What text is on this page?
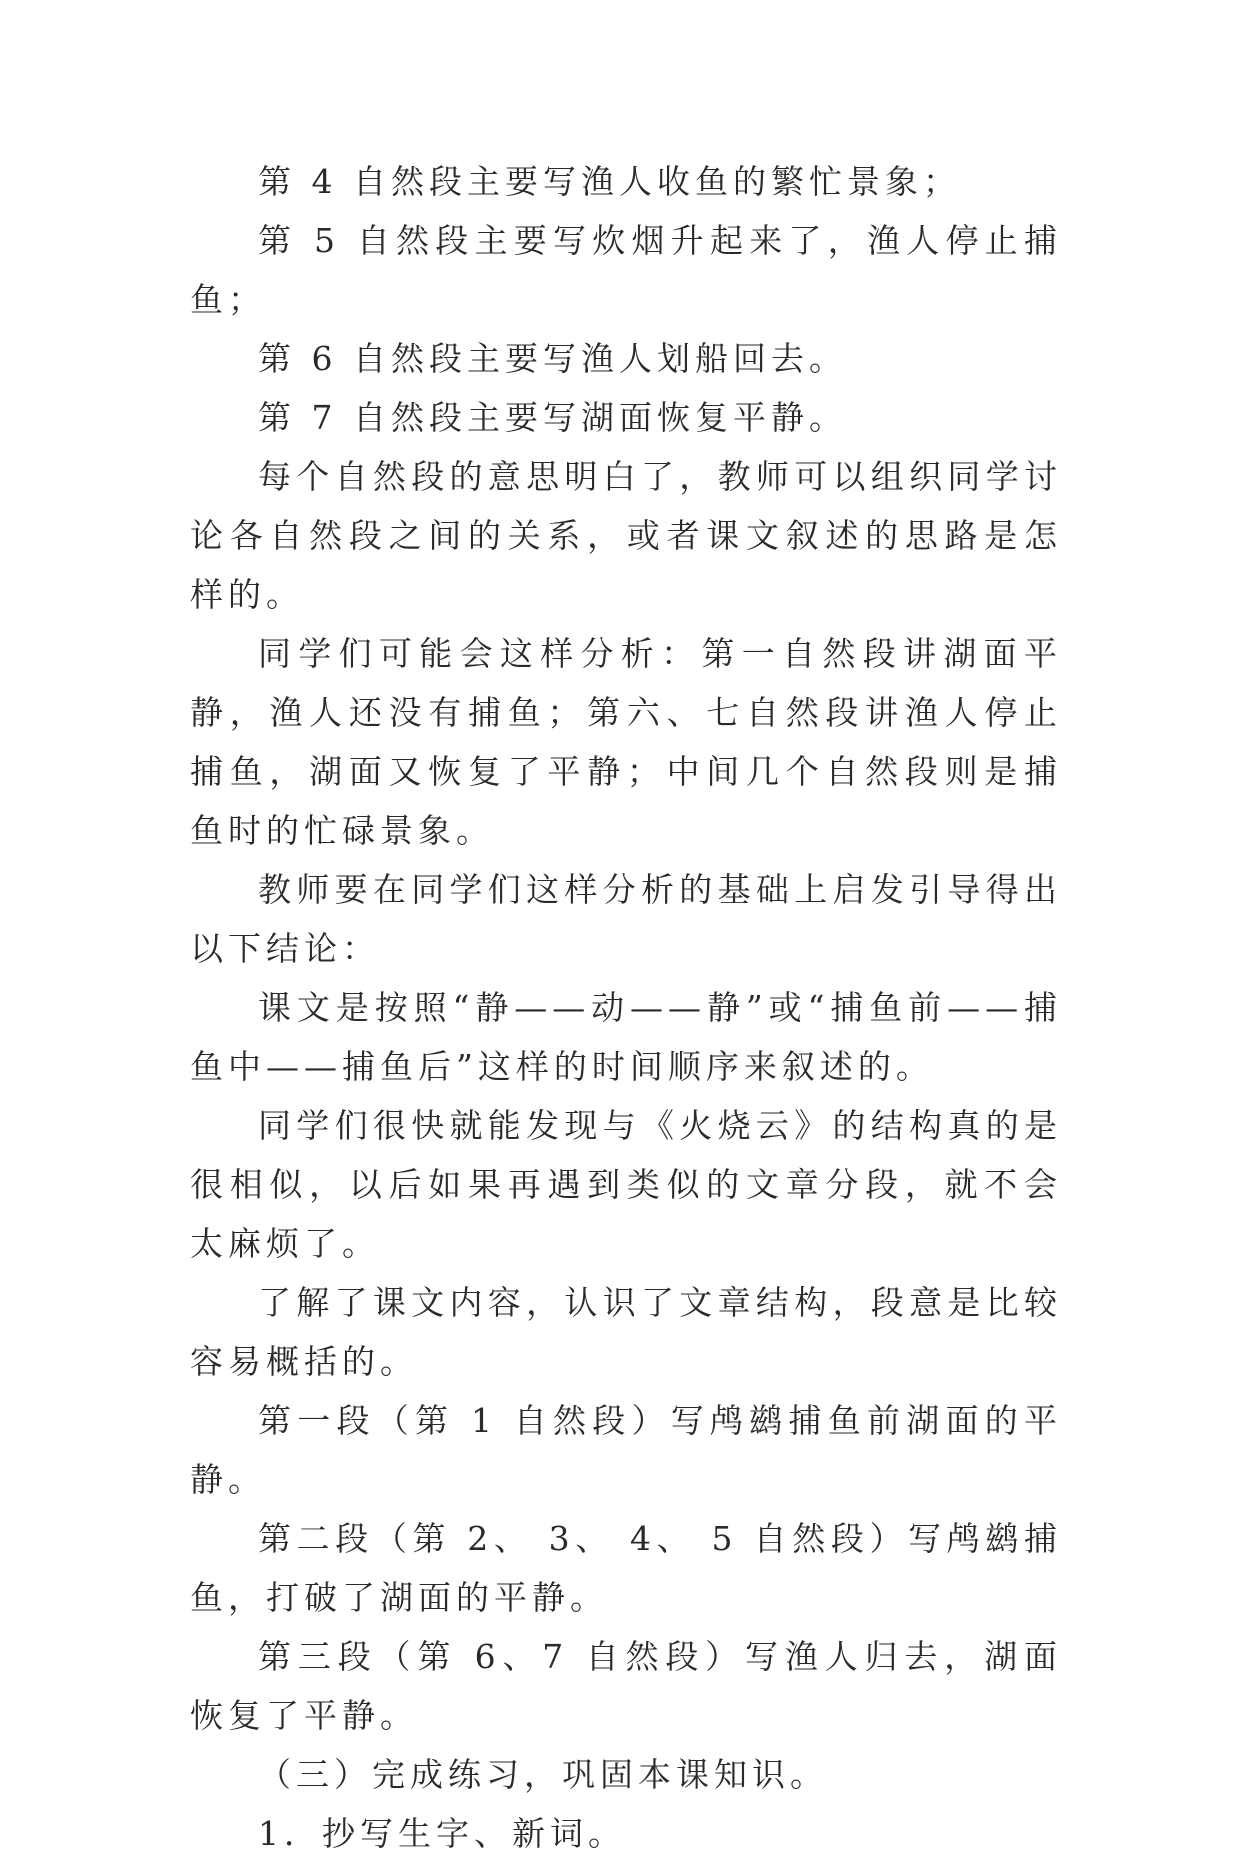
第 4 自然段主要写渔人收鱼的繁忙景象；

第 5 自然段主要写炊烟升起来了，渔人停止捕鱼；

第 6 自然段主要写渔人划船回去。

第 7 自然段主要写湖面恢复平静。

每个自然段的意思明白了，教师可以组织同学讨论各自然段之间的关系，或者课文叙述的思路是怎样的。

同学们可能会这样分析：第一自然段讲湖面平静，渔人还没有捕鱼；第六、七自然段讲渔人停止捕鱼，湖面又恢复了平静；中间几个自然段则是捕鱼时的忙碌景象。

教师要在同学们这样分析的基础上启发引导得出以下结论：

课文是按照“静——动——静”或“捕鱼前——捕鱼中——捕鱼后”这样的时间顺序来叙述的。

同学们很快就能发现与《火烧云》的结构真的是很相似，以后如果再遇到类似的文章分段，就不会太麻烦了。

了解了课文内容，认识了文章结构，段意是比较容易概括的。

第一段（第 1 自然段）写鸬鹚捕鱼前湖面的平静。

第二段（第 2、 3、 4、 5 自然段）写鸬鹚捕鱼，打破了湖面的平静。

第三段（第 6、7 自然段）写渔人归去，湖面恢复了平静。

（三）完成练习，巩固本课知识。

1．抄写生字、新词。
